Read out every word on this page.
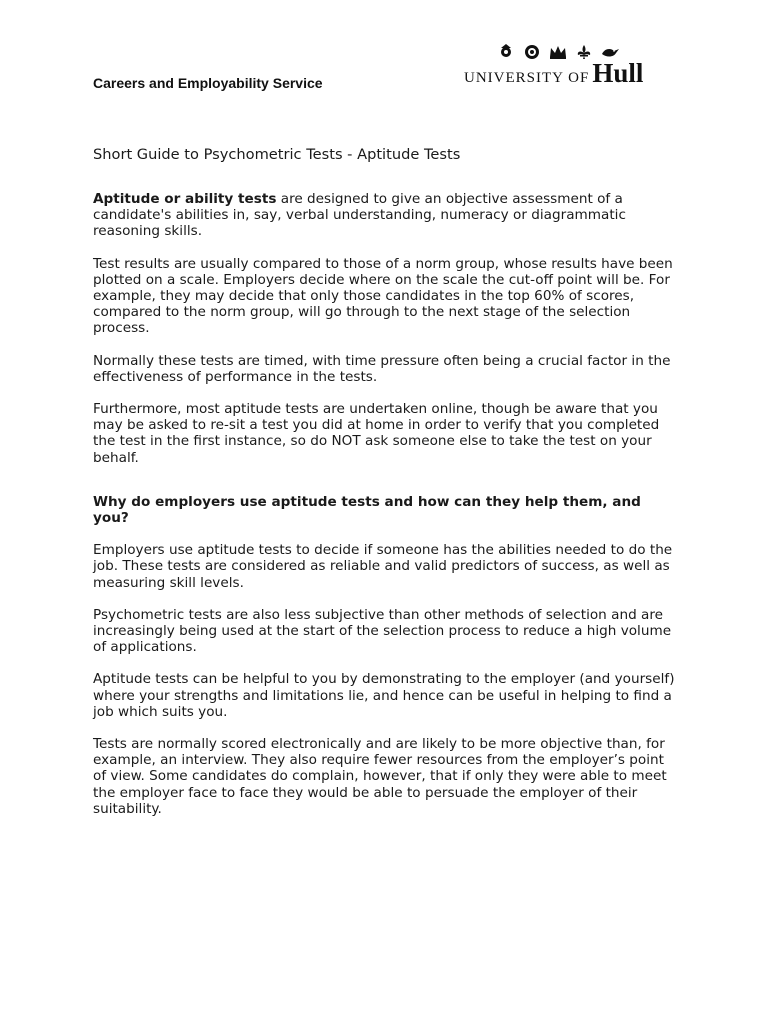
Careers and Employability Service	UNIVERSITY OF Hull
Short Guide to Psychometric Tests - Aptitude Tests

Aptitude or ability tests are designed to give an objective assessment of a candidate's abilities in, say, verbal understanding, numeracy or diagrammatic reasoning skills.

Test results are usually compared to those of a norm group, whose results have been plotted on a scale. Employers decide where on the scale the cut-off point will be. For example, they may decide that only those candidates in the top 60% of scores, compared to the norm group, will go through to the next stage of the selection process.

Normally these tests are timed, with time pressure often being a crucial factor in the effectiveness of performance in the tests.

Furthermore, most aptitude tests are undertaken online, though be aware that you may be asked to re-sit a test you did at home in order to verify that you completed the test in the first instance, so do NOT ask someone else to take the test on your behalf.

Why do employers use aptitude tests and how can they help them, and you?

Employers use aptitude tests to decide if someone has the abilities needed to do the job. These tests are considered as reliable and valid predictors of success, as well as measuring skill levels.

Psychometric tests are also less subjective than other methods of selection and are increasingly being used at the start of the selection process to reduce a high volume of applications.

Aptitude tests can be helpful to you by demonstrating to the employer (and yourself) where your strengths and limitations lie, and hence can be useful in helping to find a job which suits you.

Tests are normally scored electronically and are likely to be more objective than, for example, an interview. They also require fewer resources from the employer’s point of view. Some candidates do complain, however, that if only they were able to meet the employer face to face they would be able to persuade the employer of their suitability.
